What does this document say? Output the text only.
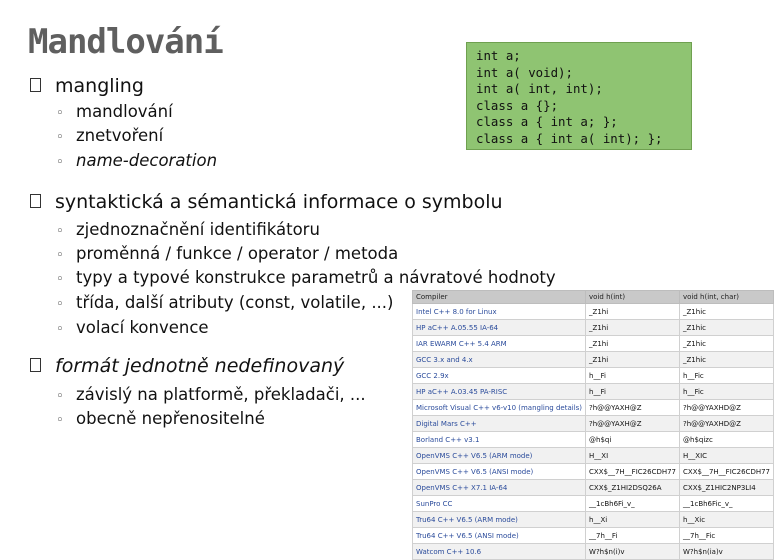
Mandlování	int a;
int a( void);
int a( int, int);
class a {};
class a { int a; };
class a { int a( int); };
mangling
◦ mandlování
◦ znetvoření
◦ name-decoration
syntaktická a sémantická informace o symbolu
◦ zjednoznačnění identifikátoru
◦ proměnná / funkce / operator / metoda
Compiler	void h(int)	void h(int, char)
Intel C++ 8.0 for Linux	_Z1hi	_Z1hic
HP aC++ A.05.55 IA-64	_Z1hi	_Z1hic
IAR EWARM C++ 5.4 ARM	_Z1hi	_Z1hic
GCC 3.x and 4.x	_Z1hi	_Z1hic
GCC 2.9x	h__Fi	h__Fic
HP aC++ A.03.45 PA-RISC	h__Fi	h__Fic
Microsoft Visual C++ v6-v10 (mangling details)	?h@@YAXH@Z	?h@@YAXHD@Z
Digital Mars C++	?h@@YAXH@Z	?h@@YAXHD@Z
Borland C++ v3.1	@h$qi	@h$qizc
OpenVMS C++ V6.5 (ARM mode)	H__XI	H__XIC
OpenVMS C++ V6.5 (ANSI mode)	CXX$__7H__FIC26CDH77	CXX$__7H__FIC26CDH77
OpenVMS C++ X7.1 IA-64	CXX$_Z1HI2DSQ26A	CXX$_Z1HIC2NP3LI4
SunPro CC	__1cBh6Fi_v_	__1cBh6Fic_v_
Tru64 C++ V6.5 (ARM mode)	h__Xi	h__Xic
Tru64 C++ V6.5 (ANSI mode)	__7h__Fi	__7h__Fic
Watcom C++ 10.6	W?h$n(i)v	W?h$n(ia)v
◦ typy a typové konstrukce parametrů a návratové hodnoty
◦ třída, další atributy (const, volatile, ...)
◦ volací konvence
formát jednotně nedefinovaný
◦ závislý na platformě, překladači, ...
◦ obecně nepřenositelné
